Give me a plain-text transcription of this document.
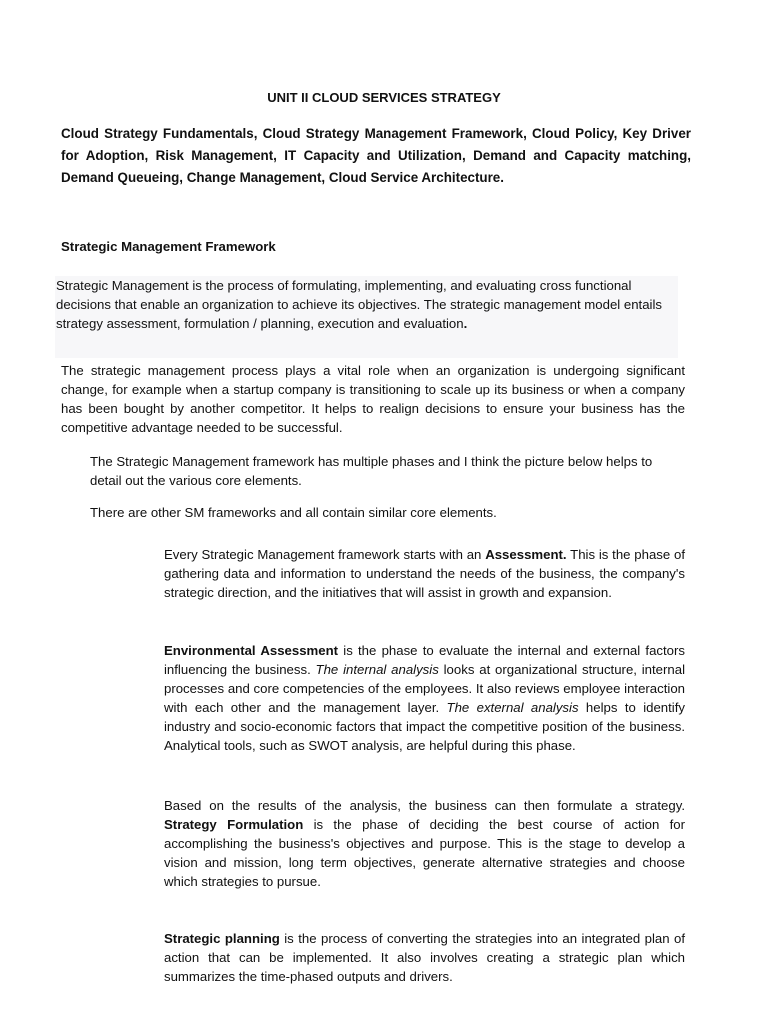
UNIT II CLOUD SERVICES STRATEGY
Cloud Strategy Fundamentals, Cloud Strategy Management Framework, Cloud Policy, Key Driver for Adoption, Risk Management, IT Capacity and Utilization, Demand and Capacity matching, Demand Queueing, Change Management, Cloud Service Architecture.
Strategic Management Framework

Strategic Management is the process of formulating, implementing, and evaluating cross functional decisions that enable an organization to achieve its objectives. The strategic management model entails strategy assessment, formulation / planning, execution and evaluation.

The strategic management process plays a vital role when an organization is undergoing significant change, for example when a startup company is transitioning to scale up its business or when a company has been bought by another competitor. It helps to realign decisions to ensure your business has the competitive advantage needed to be successful.

The Strategic Management framework has multiple phases and I think the picture below helps to detail out the various core elements.

There are other SM frameworks and all contain similar core elements.

Every Strategic Management framework starts with an Assessment. This is the phase of gathering data and information to understand the needs of the business, the company's strategic direction, and the initiatives that will assist in growth and expansion.

Environmental Assessment is the phase to evaluate the internal and external factors influencing the business. The internal analysis looks at organizational structure, internal processes and core competencies of the employees. It also reviews employee interaction with each other and the management layer. The external analysis helps to identify industry and socio-economic factors that impact the competitive position of the business. Analytical tools, such as SWOT analysis, are helpful during this phase.

Based on the results of the analysis, the business can then formulate a strategy. Strategy Formulation is the phase of deciding the best course of action for accomplishing the business's objectives and purpose. This is the stage to develop a vision and mission, long term objectives, generate alternative strategies and choose which strategies to pursue.

Strategic planning is the process of converting the strategies into an integrated plan of action that can be implemented. It also involves creating a strategic plan which summarizes the time-phased outputs and drivers.
